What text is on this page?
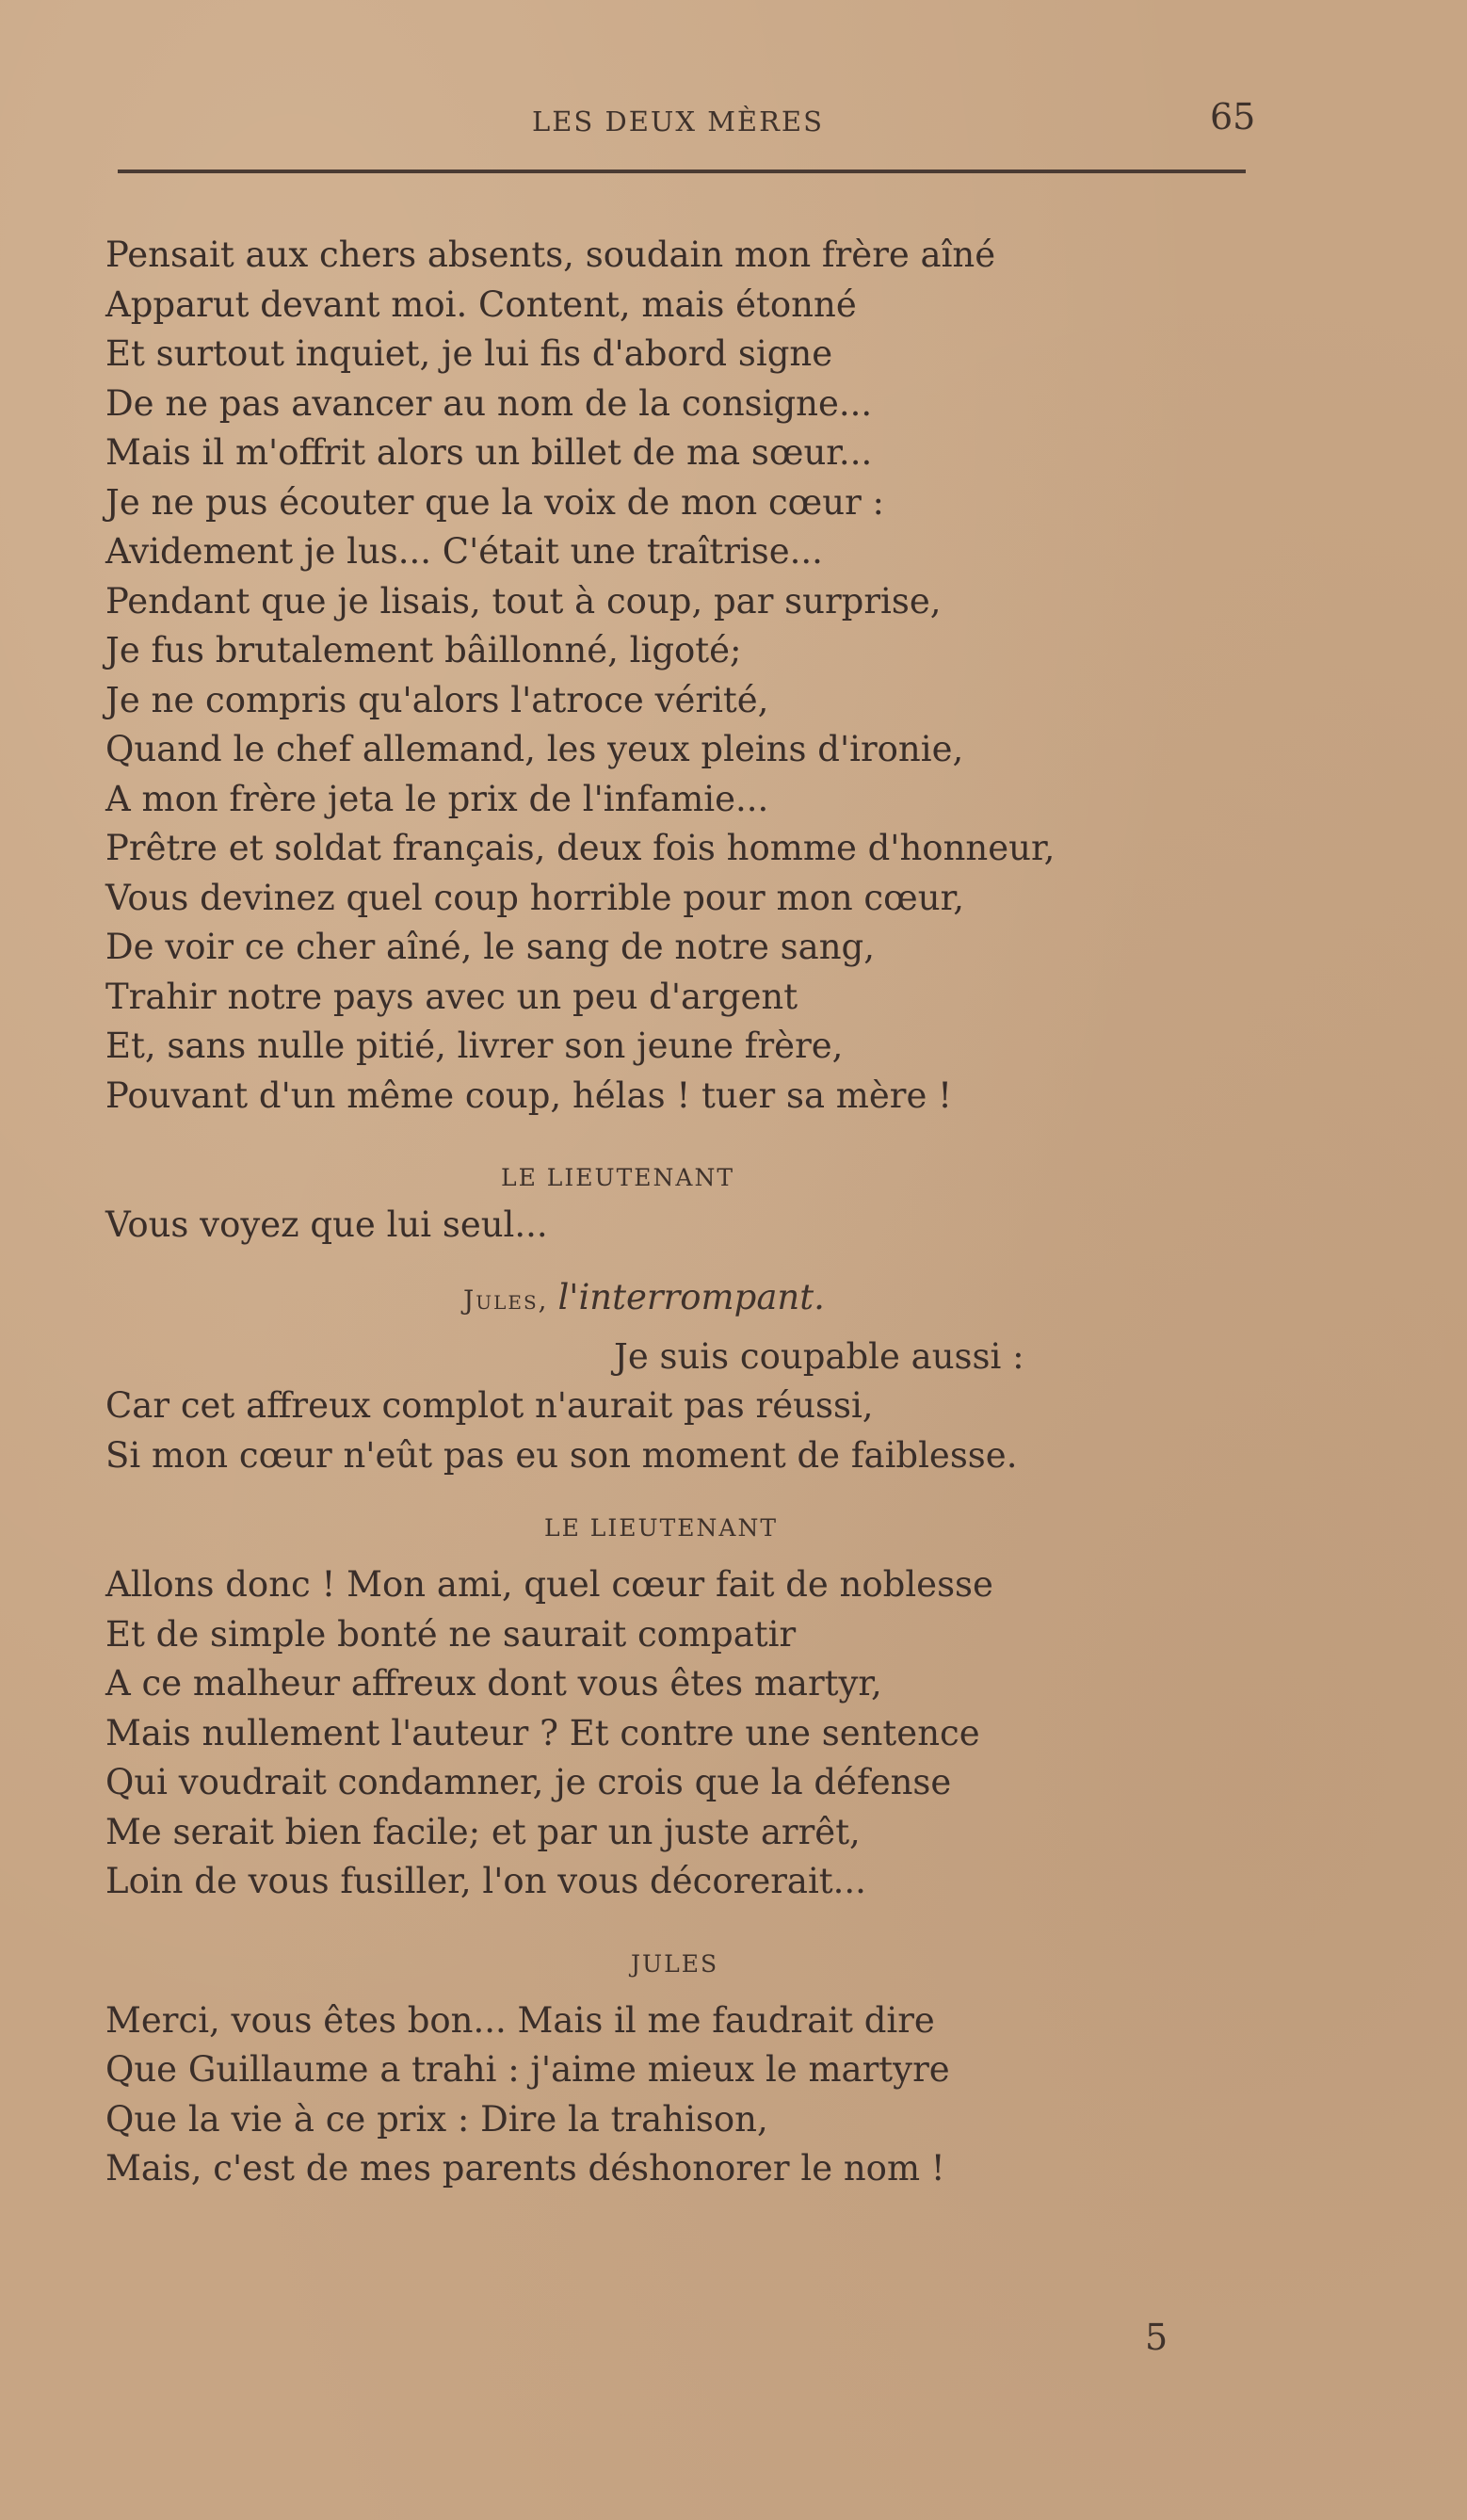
LES DEUX MÈRES	65
Pensait aux chers absents, soudain mon frère aîné
Apparut devant moi. Content, mais étonné
Et surtout inquiet, je lui fis d'abord signe
De ne pas avancer au nom de la consigne...
Mais il m'offrit alors un billet de ma sœur...
Je ne pus écouter que la voix de mon cœur :
Avidement je lus... C'était une traîtrise...
Pendant que je lisais, tout à coup, par surprise,
Je fus brutalement bâillonné, ligoté;
Je ne compris qu'alors l'atroce vérité,
Quand le chef allemand, les yeux pleins d'ironie,
A mon frère jeta le prix de l'infamie...
Prêtre et soldat français, deux fois homme d'honneur,
Vous devinez quel coup horrible pour mon cœur,
De voir ce cher aîné, le sang de notre sang,
Trahir notre pays avec un peu d'argent
Et, sans nulle pitié, livrer son jeune frère,
Pouvant d'un même coup, hélas ! tuer sa mère !
LE LIEUTENANT
Vous voyez que lui seul...
Jules, l'interrompant.
Je suis coupable aussi :
Car cet affreux complot n'aurait pas réussi,
Si mon cœur n'eût pas eu son moment de faiblesse.
LE LIEUTENANT
Allons donc ! Mon ami, quel cœur fait de noblesse
Et de simple bonté ne saurait compatir
A ce malheur affreux dont vous êtes martyr,
Mais nullement l'auteur ? Et contre une sentence
Qui voudrait condamner, je crois que la défense
Me serait bien facile; et par un juste arrêt,
Loin de vous fusiller, l'on vous décorerait...
JULES
Merci, vous êtes bon... Mais il me faudrait dire
Que Guillaume a trahi : j'aime mieux le martyre
Que la vie à ce prix : Dire la trahison,
Mais, c'est de mes parents déshonorer le nom !
5
